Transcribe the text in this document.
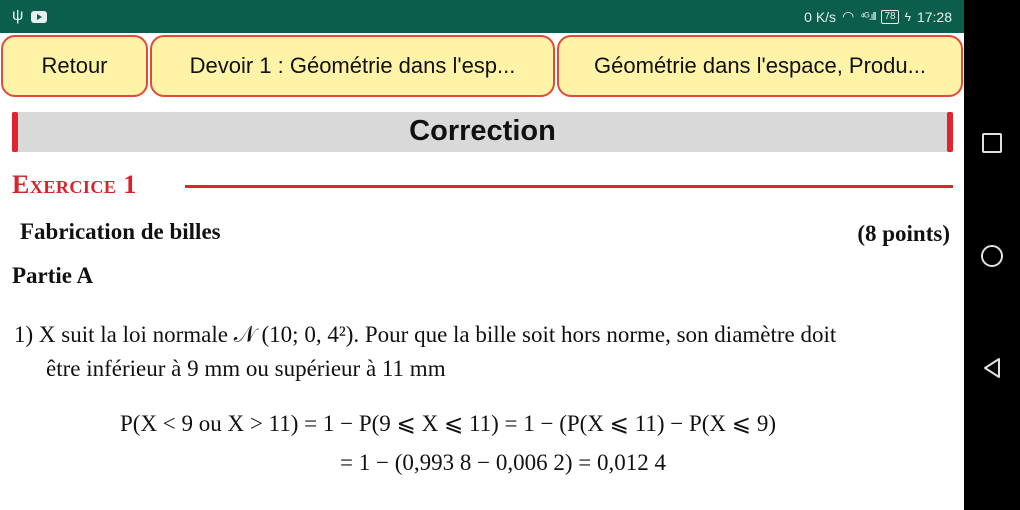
ψ	0 K/s ◠ ⁴ᴳ.ıll 78 ϟ 17:28
Retour	Devoir 1 : Géométrie dans l'esp...	Géométrie dans l'espace, Produ...
Correction
Exercice 1
Fabrication de billes	(8 points)
Partie A
1) X suit la loi normale 𝒩 (10; 0, 4²). Pour que la bille soit hors norme, son diamètre doit
être inférieur à 9 mm ou supérieur à 11 mm
P(X < 9 ou X > 11) = 1 − P(9 ⩽ X ⩽ 11) = 1 − (P(X ⩽ 11) − P(X ⩽ 9)
= 1 − (0,993 8 − 0,006 2) = 0,012 4
